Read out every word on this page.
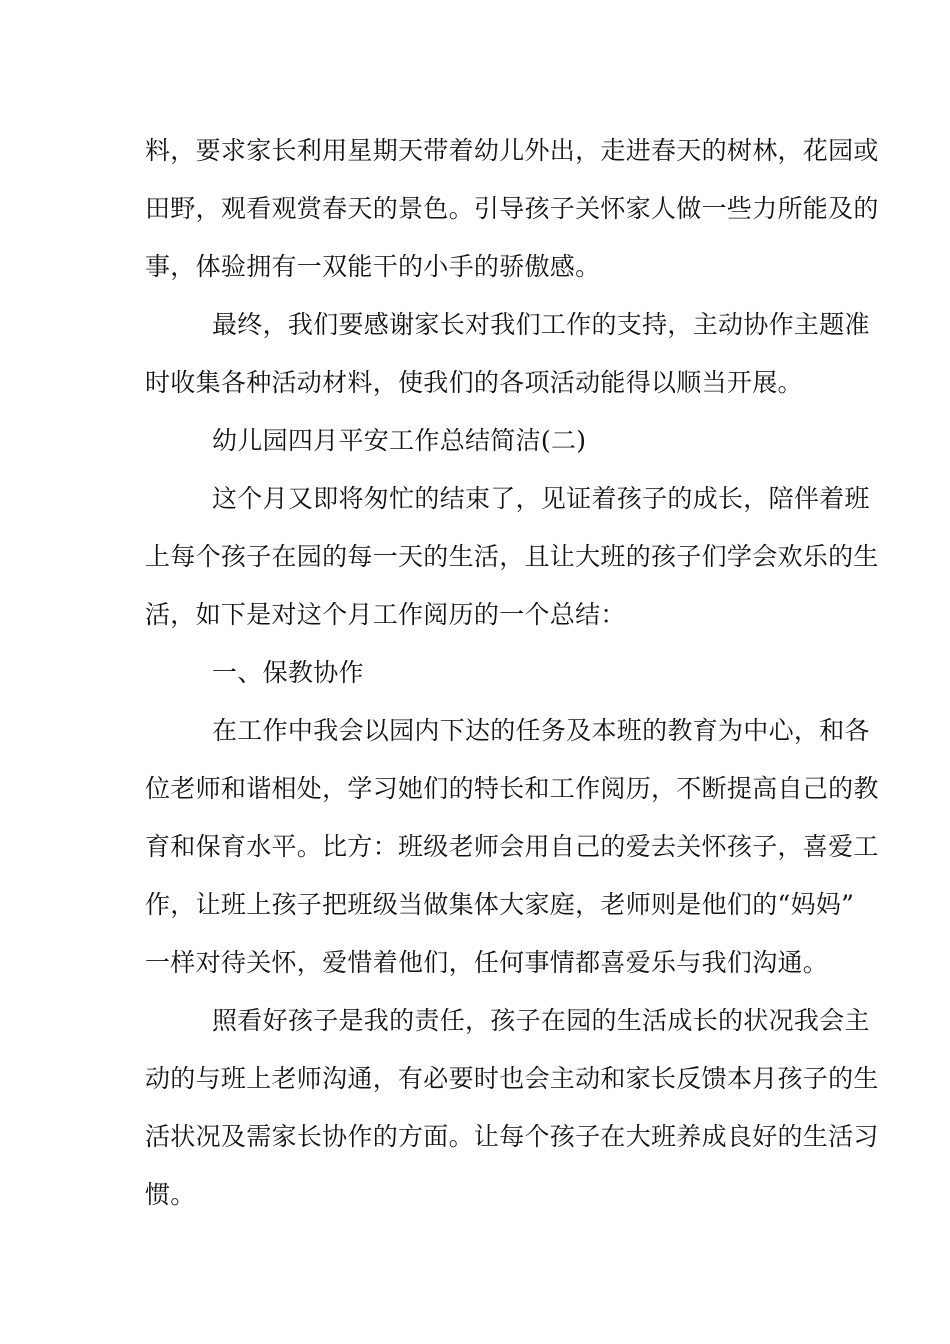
料，要求家长利用星期天带着幼儿外出，走进春天的树林，花园或
田野，观看观赏春天的景色。引导孩子关怀家人做一些力所能及的
事，体验拥有一双能干的小手的骄傲感。
最终，我们要感谢家长对我们工作的支持，主动协作主题准
时收集各种活动材料，使我们的各项活动能得以顺当开展。
幼儿园四月平安工作总结简洁(二)
这个月又即将匆忙的结束了，见证着孩子的成长，陪伴着班
上每个孩子在园的每一天的生活，且让大班的孩子们学会欢乐的生
活，如下是对这个月工作阅历的一个总结：
一、保教协作
在工作中我会以园内下达的任务及本班的教育为中心，和各
位老师和谐相处，学习她们的特长和工作阅历，不断提高自己的教
育和保育水平。比方：班级老师会用自己的爱去关怀孩子，喜爱工
作，让班上孩子把班级当做集体大家庭，老师则是他们的“妈妈”
一样对待关怀，爱惜着他们，任何事情都喜爱乐与我们沟通。
照看好孩子是我的责任，孩子在园的生活成长的状况我会主
动的与班上老师沟通，有必要时也会主动和家长反馈本月孩子的生
活状况及需家长协作的方面。让每个孩子在大班养成良好的生活习
惯。
